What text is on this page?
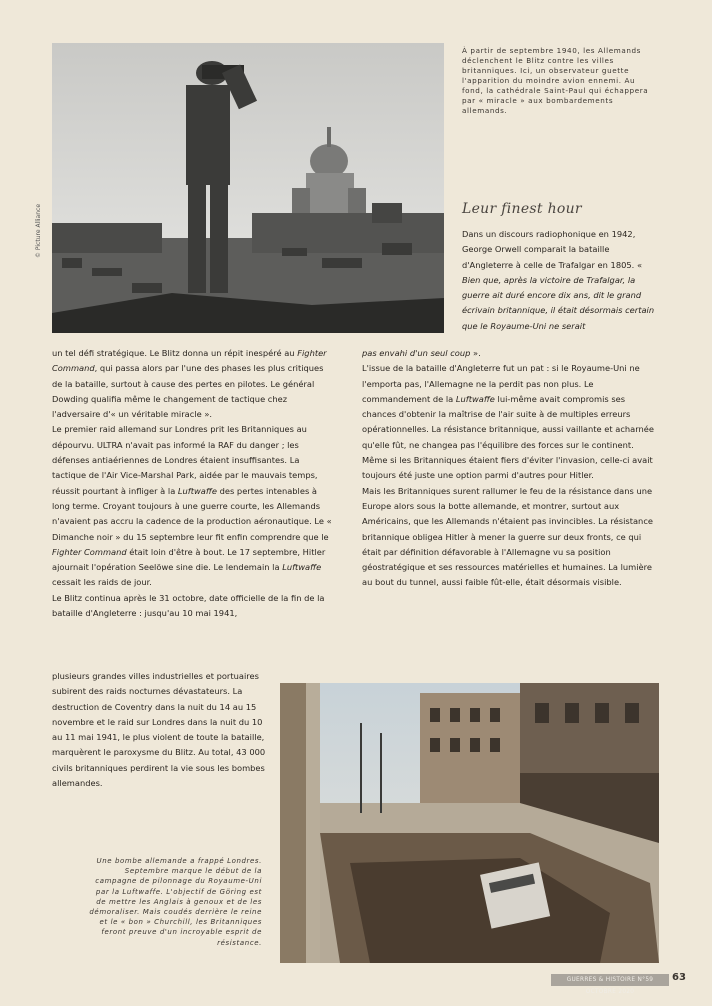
© Picture Alliance
À partir de septembre 1940, les Allemands déclenchent le Blitz contre les villes britanniques. Ici, un observateur guette l'apparition du moindre avion ennemi. Au fond, la cathédrale Saint-Paul qui échappera par « miracle » aux bombardements allemands.
Leur finest hour
Dans un discours radiophonique en 1942, George Orwell comparait la bataille d'Angleterre à celle de Trafalgar en 1805. « Bien que, après la victoire de Trafalgar, la guerre ait duré encore dix ans, dit le grand écrivain britannique, il était désormais certain que le Royaume-Uni ne serait

un tel défi stratégique. Le Blitz donna un répit inespéré au Fighter Command, qui passa alors par l'une des phases les plus critiques de la bataille, surtout à cause des pertes en pilotes. Le général Dowding qualifia même le changement de tactique chez l'adversaire d'« un véritable miracle ».

Le premier raid allemand sur Londres prit les Britanniques au dépourvu. ULTRA n'avait pas informé la RAF du danger ; les défenses antiaériennes de Londres étaient insuffisantes. La tactique de l'Air Vice-Marshal Park, aidée par le mauvais temps, réussit pourtant à infliger à la Luftwaffe des pertes intenables à long terme. Croyant toujours à une guerre courte, les Allemands n'avaient pas accru la cadence de la production aéronautique. Le « Dimanche noir » du 15 septembre leur fit enfin comprendre que le Fighter Command était loin d'être à bout. Le 17 septembre, Hitler ajournait l'opération Seelöwe sine die. Le lendemain la Luftwaffe cessait les raids de jour.

Le Blitz continua après le 31 octobre, date officielle de la fin de la bataille d'Angleterre : jusqu'au 10 mai 1941,

plusieurs grandes villes industrielles et portuaires subirent des raids nocturnes dévastateurs. La destruction de Coventry dans la nuit du 14 au 15 novembre et le raid sur Londres dans la nuit du 10 au 11 mai 1941, le plus violent de toute la bataille, marquèrent le paroxysme du Blitz. Au total, 43 000 civils britanniques perdirent la vie sous les bombes allemandes.

pas envahi d'un seul coup ».

L'issue de la bataille d'Angleterre fut un pat : si le Royaume-Uni ne l'emporta pas, l'Allemagne ne la perdit pas non plus. Le commandement de la Luftwaffe lui-même avait compromis ses chances d'obtenir la maîtrise de l'air suite à de multiples erreurs opérationnelles. La résistance britannique, aussi vaillante et acharnée qu'elle fût, ne changea pas l'équilibre des forces sur le continent. Même si les Britanniques étaient fiers d'éviter l'invasion, celle-ci avait toujours été juste une option parmi d'autres pour Hitler.

Mais les Britanniques surent rallumer le feu de la résistance dans une Europe alors sous la botte allemande, et montrer, surtout aux Américains, que les Allemands n'étaient pas invincibles. La résistance britannique obligea Hitler à mener la guerre sur deux fronts, ce qui était par définition défavorable à l'Allemagne vu sa position géostratégique et ses ressources matérielles et humaines. La lumière au bout du tunnel, aussi faible fût-elle, était désormais visible.

Une bombe allemande a frappé Londres. Septembre marque le début de la campagne de pilonnage du Royaume-Uni par la Luftwaffe. L'objectif de Göring est de mettre les Anglais à genoux et de les démoraliser. Mais coudés derrière le reine et le « bon » Churchill, les Britanniques feront preuve d'un incroyable esprit de résistance.
GUERRES & HISTOIRE N°59 OCTOBRE 2020
63
